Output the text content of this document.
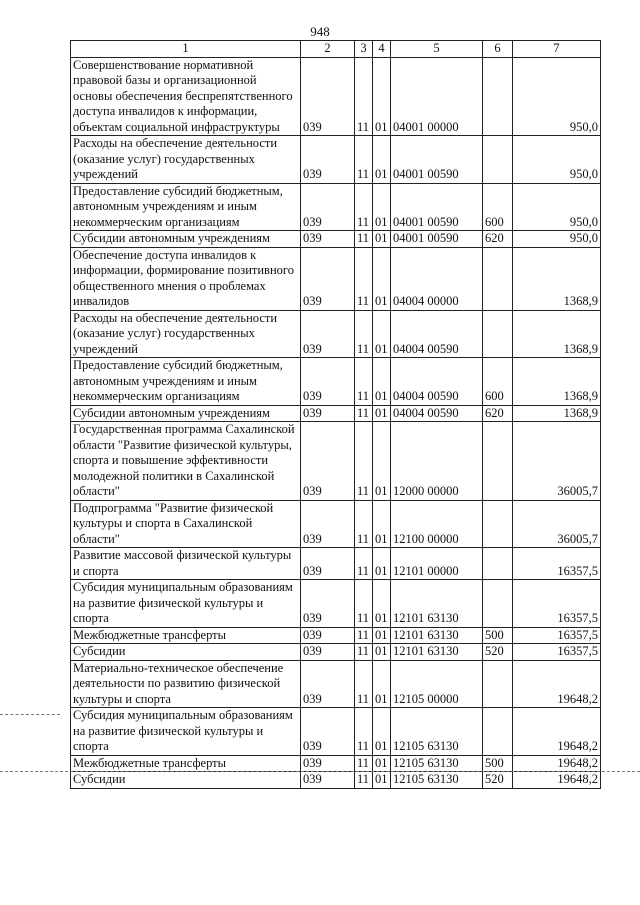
948
1	2	3	4	5	6	7
Совершенствование нормативной правовой базы и организационной основы обеспечения беспрепятственного доступа инвалидов к информации, объектам социальной инфраструктуры	039	11	01	04001 00000		950,0
Расходы на обеспечение деятельности (оказание услуг) государственных учреждений	039	11	01	04001 00590		950,0
Предоставление субсидий бюджетным, автономным учреждениям и иным некоммерческим организациям	039	11	01	04001 00590	600	950,0
Субсидии автономным учреждениям	039	11	01	04001 00590	620	950,0
Обеспечение доступа инвалидов к информации, формирование позитивного общественного мнения о проблемах инвалидов	039	11	01	04004 00000		1368,9
Расходы на обеспечение деятельности (оказание услуг) государственных учреждений	039	11	01	04004 00590		1368,9
Предоставление субсидий бюджетным, автономным учреждениям и иным некоммерческим организациям	039	11	01	04004 00590	600	1368,9
Субсидии автономным учреждениям	039	11	01	04004 00590	620	1368,9
Государственная программа Сахалинской области "Развитие физической культуры, спорта и повышение эффективности молодежной политики в Сахалинской области"	039	11	01	12000 00000		36005,7
Подпрограмма "Развитие физической культуры и спорта в Сахалинской области"	039	11	01	12100 00000		36005,7
Развитие массовой физической культуры и спорта	039	11	01	12101 00000		16357,5
Субсидия муниципальным образованиям на развитие физической культуры и спорта	039	11	01	12101 63130		16357,5
Межбюджетные трансферты	039	11	01	12101 63130	500	16357,5
Субсидии	039	11	01	12101 63130	520	16357,5
Материально-техническое обеспечение деятельности по развитию физической культуры и спорта	039	11	01	12105 00000		19648,2
Субсидия муниципальным образованиям на развитие физической культуры и спорта	039	11	01	12105 63130		19648,2
Межбюджетные трансферты	039	11	01	12105 63130	500	19648,2
Субсидии	039	11	01	12105 63130	520	19648,2
